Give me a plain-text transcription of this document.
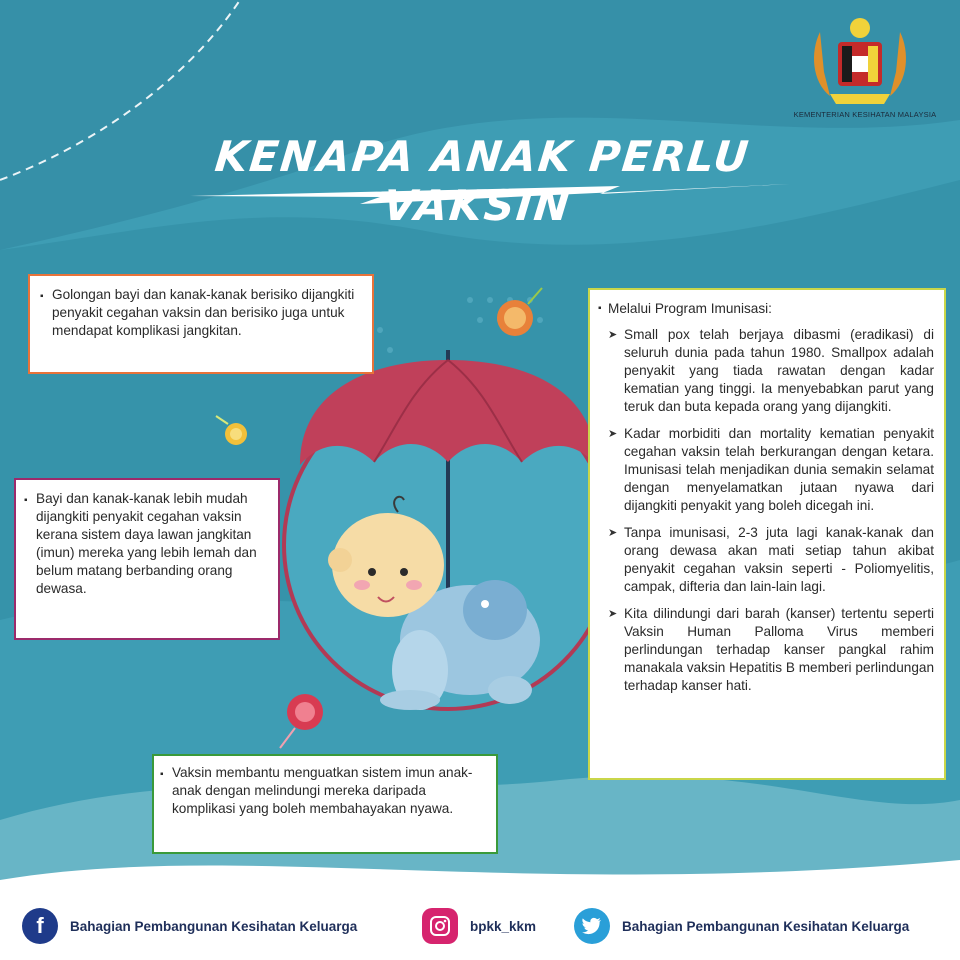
KEMENTERIAN KESIHATAN MALAYSIA
KENAPA ANAK PERLU VAKSIN
▪ Golongan bayi dan kanak-kanak berisiko dijangkiti penyakit cegahan vaksin dan berisiko juga untuk mendapat komplikasi jangkitan.

▪ Bayi dan kanak-kanak lebih mudah dijangkiti penyakit cegahan vaksin kerana sistem daya lawan jangkitan (imun) mereka yang lebih lemah dan belum matang berbanding orang dewasa.

▪ Vaksin membantu menguatkan sistem imun anak-anak dengan melindungi mereka daripada komplikasi yang boleh membahayakan nyawa.

▪ Melalui Program Imunisasi:

➤ Small pox telah berjaya dibasmi (eradikasi) di seluruh dunia pada tahun 1980. Smallpox adalah penyakit yang tiada rawatan dengan kadar kematian yang tinggi. Ia menyebabkan parut yang teruk dan buta kepada orang yang dijangkiti.
➤ Kadar morbiditi dan mortality kematian penyakit cegahan vaksin telah berkurangan dengan ketara. Imunisasi telah menjadikan dunia semakin selamat dengan menyelamatkan jutaan nyawa dari dijangkiti penyakit yang boleh dicegah ini.
➤ Tanpa imunisasi, 2-3 juta lagi kanak-kanak dan orang dewasa akan mati setiap tahun akibat penyakit cegahan vaksin seperti - Poliomyelitis, campak, difteria dan lain-lain lagi.
➤ Kita dilindungi dari barah (kanser) tertentu seperti Vaksin Human Palloma Virus memberi perlindungan terhadap kanser pangkal rahim manakala vaksin Hepatitis B memberi perlindungan terhadap kanser hati.
f	Bahagian Pembangunan Kesihatan Keluarga	bpkk_kkm	Bahagian Pembangunan Kesihatan Keluarga
